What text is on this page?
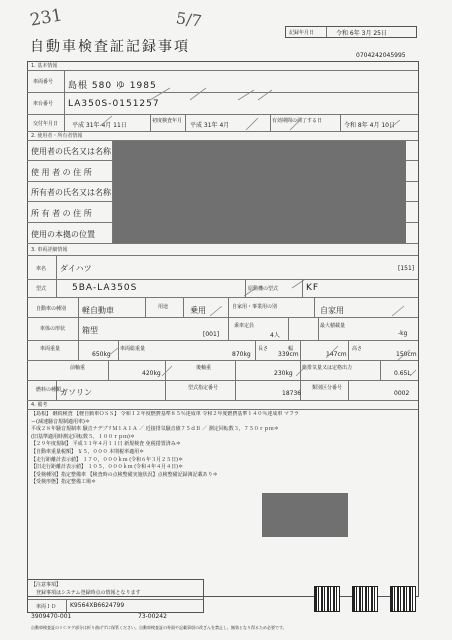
231	5/7
記録年月日	令和 6年 3月 25日
自動車検査証記録事項
0704242045995
1. 基本情報
車両番号 島根 580 ゆ 1985
車台番号 LA350S-0151257
交付年月日 平成 31年 4月 11日
初度検査年月
平成 31年 4月
有効期間の満了する日
令和 8年 4月 10日
2. 使用者・所有者情報
使用者の氏名又は名称
使 用 者 の 住 所
所有者の氏名又は名称
所 有 者 の 住 所
使用の本拠の位置
3. 車両詳細情報
車名 ダイハツ	[151]
型式	5BA-LA350S	原動機の型式	KF
自動車の種別 軽自動車	用途	乗用	自家用・事業用の別	自家用
車体の形状 箱型	[001]
乗車定員
4人
最大積載量
-kg
車両重量
650kg
車両総重量
870kg
長さ
339cm
幅
147cm
高さ
150cm
前軸重
420kg
後軸重
230kg
総排気量又は定格出力
0.65L
燃料の種類
ガソリン	型式指定番号
18736
類別区分番号
0002
4. 備考
【島根】 継続検査 【軽自動車ＯＳＳ】 令和１２年度燃費基準８５％達成車 令和２年度燃費基準１４０％達成車 マフラ
ー(減速騒音規制適用車)＊
平成２８年騒音規制車 騒音ナデブリＭ１Ａ１Ａ ／ 近接排気騒音値７５ｄＢ ／ 測定回転数３，７５０ｒｐｍ＊
(旧基準適用時測定回転数５，１００ｒｐｍ)＊
【２９年度規制】 平成３１年４月１１日 新規検査 免税措置済み＊
【自動車重量税額】 ￥５，０００ 本則税率適用＊
【走行距離計表示値】 １７０，０００ｋｍ (令和６年３月２５日)＊
【旧走行距離計表示値】 １０５，０００ｋｍ (令和４年４月４日)＊
【受検種別】指定整備車 【検査時の点検整備実施状況】点検整備記録簿記載あり＊
【受検形態】指定整備工場＊
【注意事項】
登録事項はシステム登録時点の情報となります
車両ＩＤ K9564XB6624799
3909470-001	73-00242
自動車検査証のＩＣタグ部分は折り曲げずに保管ください。自動車検査証の券面や記載事項の改ざんを禁止し、無効となり得るため必要です。
